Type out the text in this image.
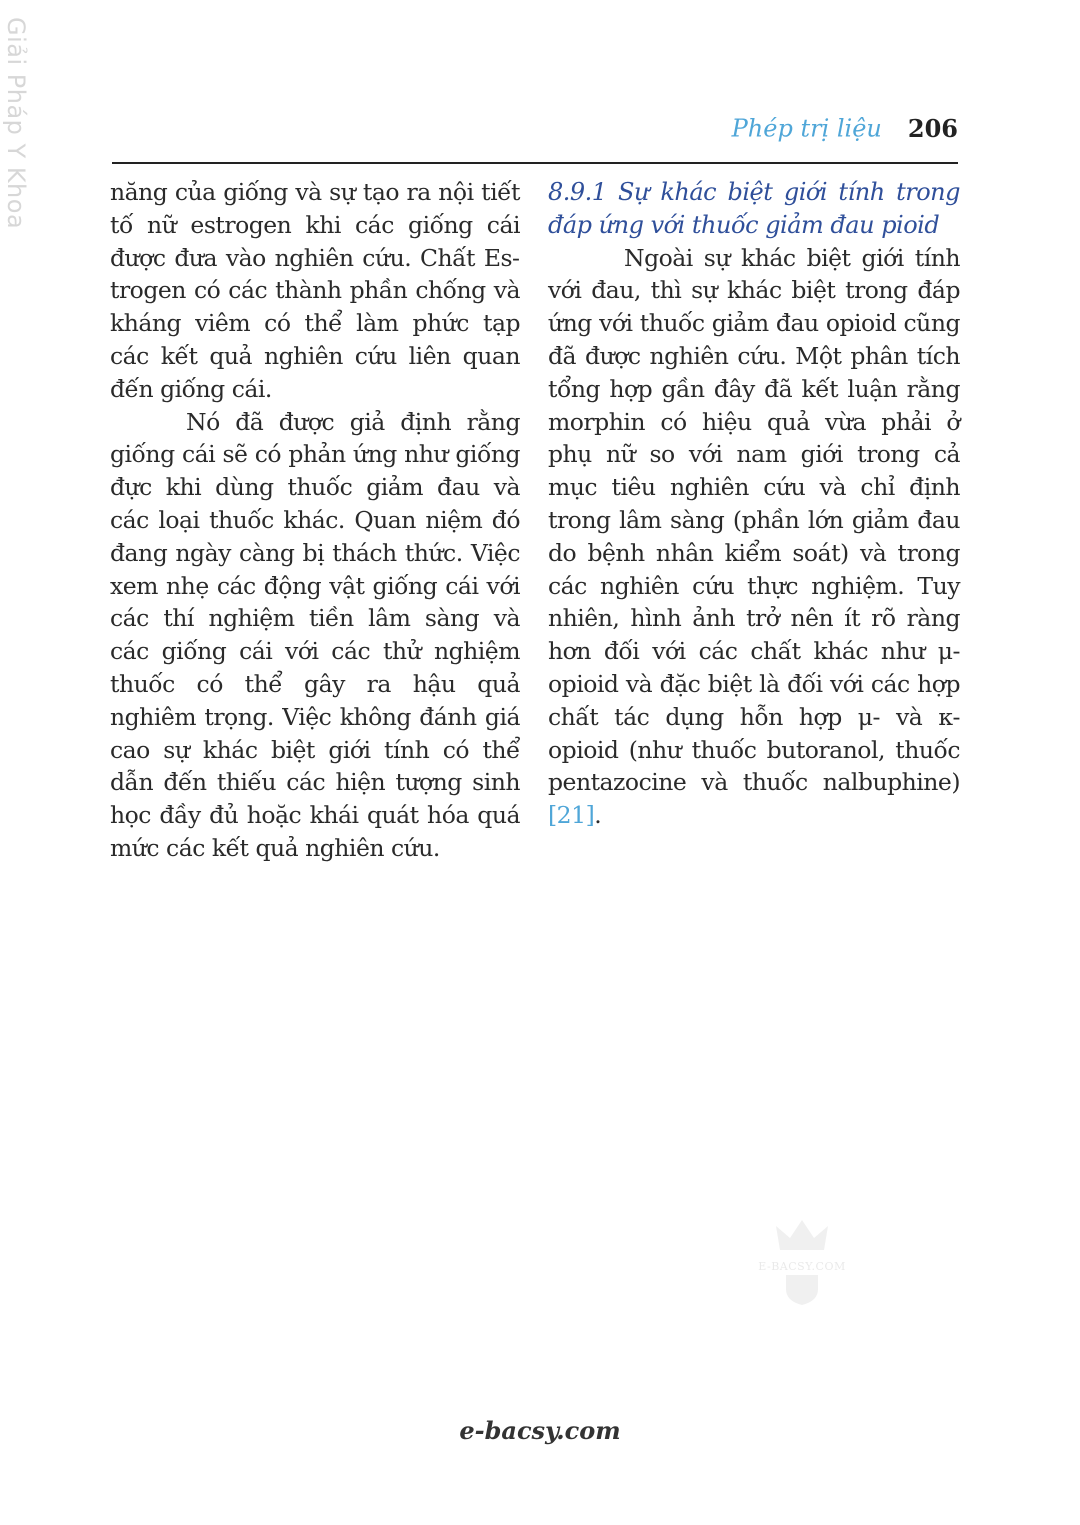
Giải Pháp Y Khoa	Phép trị liệu 206

năng của giống và sự tạo ra nội tiết tố nữ estrogen khi các giống cái được đưa vào nghiên cứu. Chất Estrogen có các thành phần chống và kháng viêm có thể làm phức tạp các kết quả nghiên cứu liên quan đến giống cái.

Nó đã được giả định rằng giống cái sẽ có phản ứng như giống đực khi dùng thuốc giảm đau và các loại thuốc khác. Quan niệm đó đang ngày càng bị thách thức. Việc xem nhẹ các động vật giống cái với các thí nghiệm tiền lâm sàng và các giống cái với các thử nghiệm thuốc có thể gây ra hậu quả nghiêm trọng. Việc không đánh giá cao sự khác biệt giới tính có thể dẫn đến thiếu các hiện tượng sinh học đầy đủ hoặc khái quát hóa quá mức các kết quả nghiên cứu.

8.9.1 Sự khác biệt giới tính trong đáp ứng với thuốc giảm đau pioid

Ngoài sự khác biệt giới tính với đau, thì sự khác biệt trong đáp ứng với thuốc giảm đau opioid cũng đã được nghiên cứu. Một phân tích tổng hợp gần đây đã kết luận rằng morphin có hiệu quả vừa phải ở phụ nữ so với nam giới trong cả mục tiêu nghiên cứu và chỉ định trong lâm sàng (phần lớn giảm đau do bệnh nhân kiểm soát) và trong các nghiên cứu thực nghiệm. Tuy nhiên, hình ảnh trở nên ít rõ ràng hơn đối với các chất khác như μ-opioid và đặc biệt là đối với các hợp chất tác dụng hỗn hợp μ- và κ-opioid (như thuốc butoranol, thuốc pentazocine và thuốc nalbuphine) [21].

E-BACSY.COM
e-bacsy.com
